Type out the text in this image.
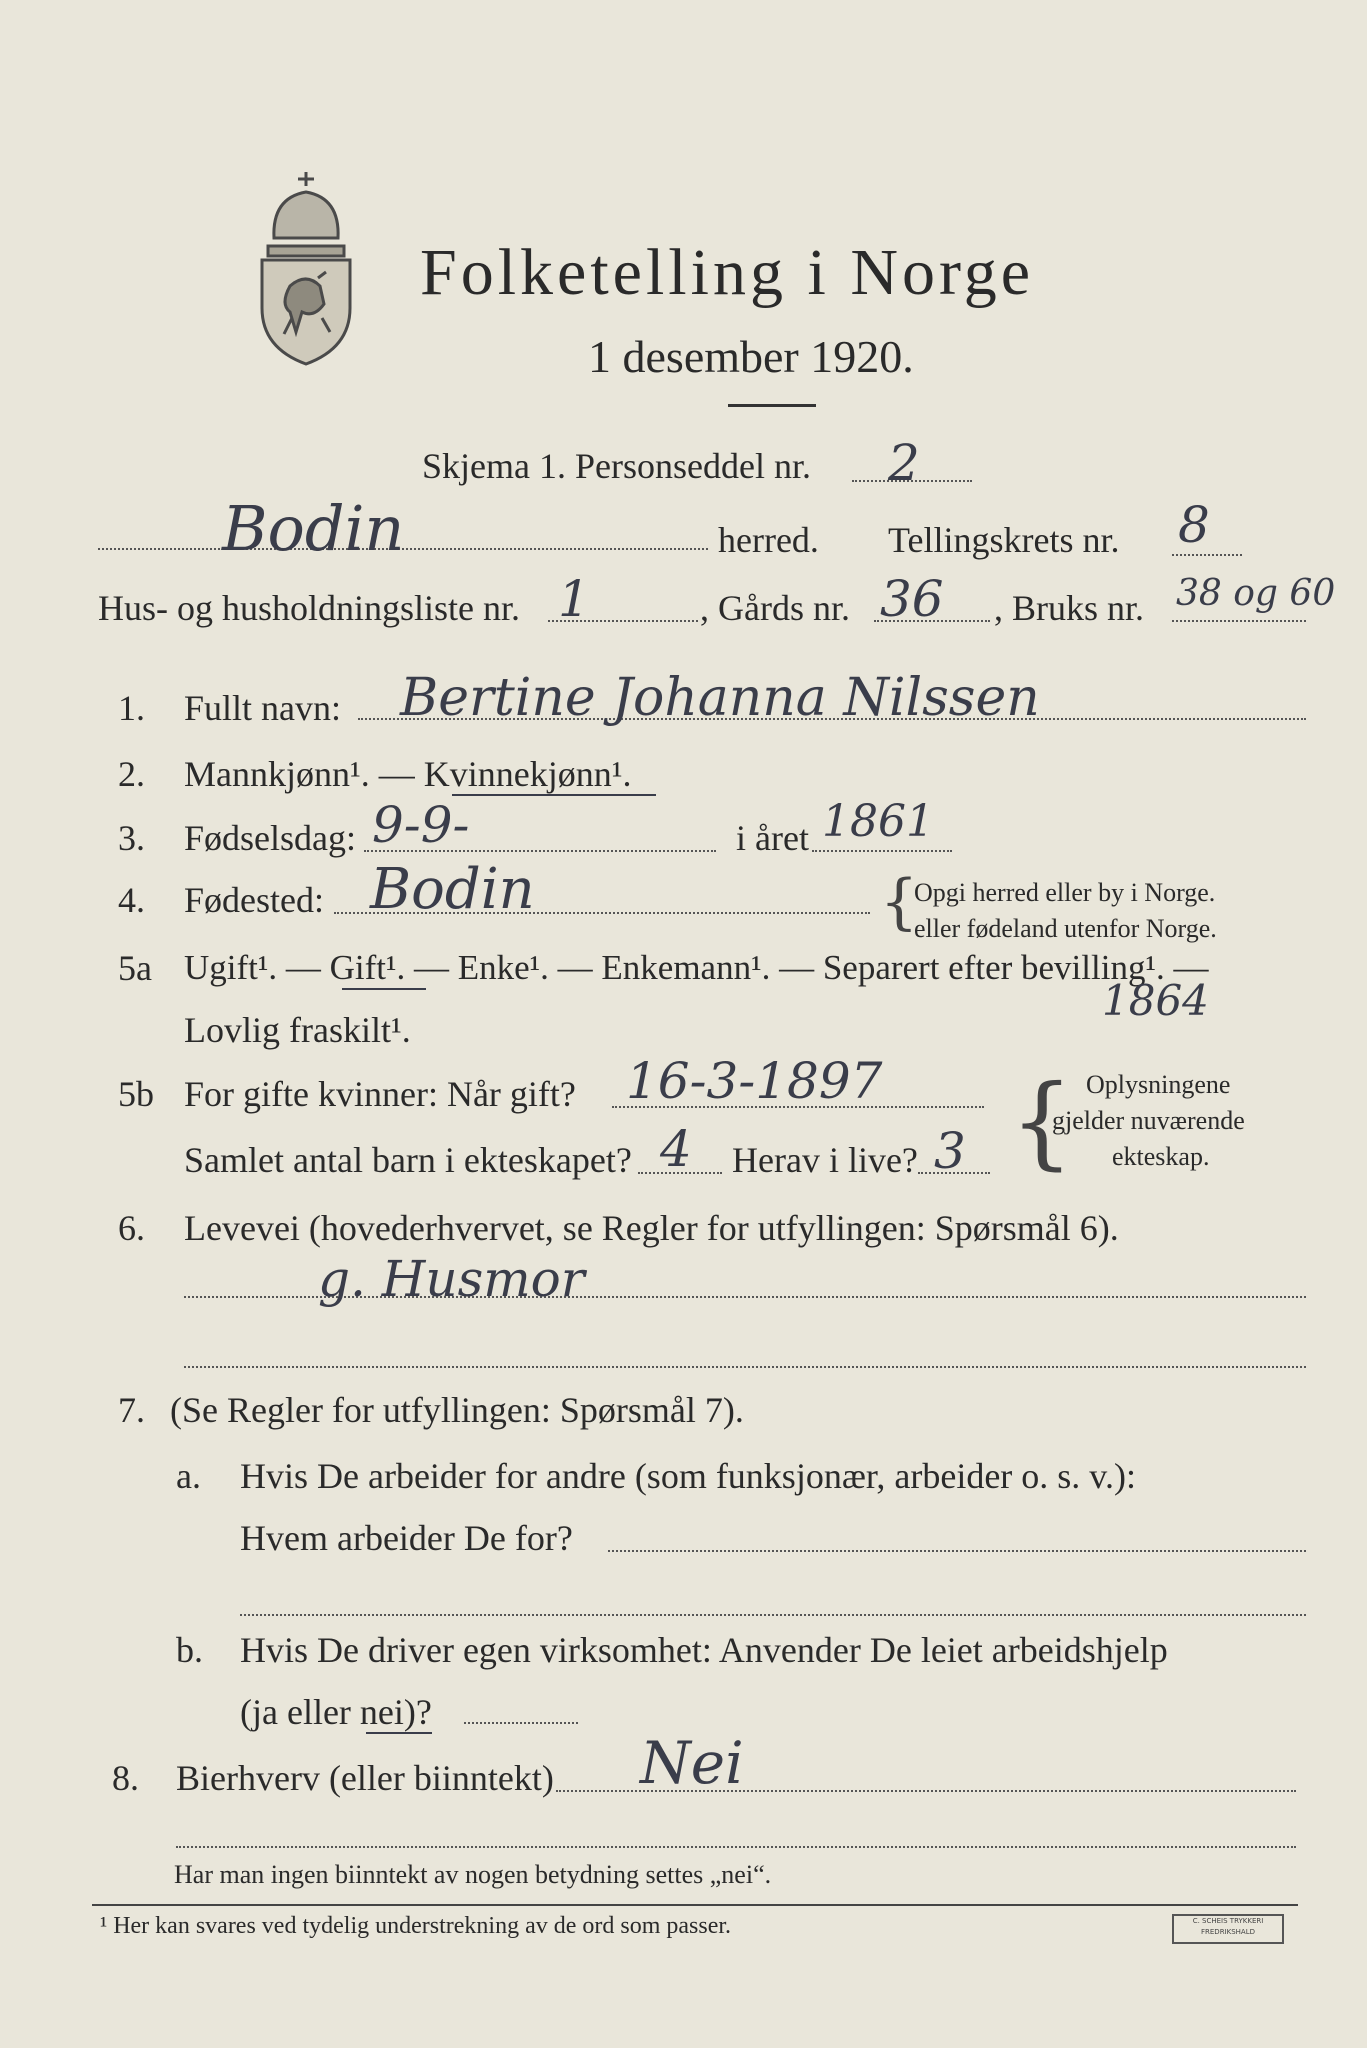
Folketelling i Norge
1 desember 1920.
Skjema 1. Personseddel nr. 2
Bodin	herred. Tellingskrets nr. 8
Hus- og husholdningsliste nr. 1	, Gårds nr. 36 , Bruks nr. 38 og 60
1. Fullt navn: Bertine Johanna Nilssen
2. Mannkjønn¹. — Kvinnekjønn¹.
3. Fødselsdag: 9-9-	i året 1861
4. Fødested: Bodin	{
Opgi herred eller by i Norge.
eller fødeland utenfor Norge.
5a Ugift¹. — Gift¹. — Enke¹. — Enkemann¹. — Separert efter bevilling¹. —
Lovlig fraskilt¹.
1864
5b For gifte kvinner: Når gift? 16-3-1897
Samlet antal barn i ekteskapet? 4 Herav i live? 3 { Oplysningene
gjelder nuværende
ekteskap.
6. Levevei (hovederhvervet, se Regler for utfyllingen: Spørsmål 6).
g. Husmor
7. (Se Regler for utfyllingen: Spørsmål 7).
a. Hvis De arbeider for andre (som funksjonær, arbeider o. s. v.):
Hvem arbeider De for?
b. Hvis De driver egen virksomhet: Anvender De leiet arbeidshjelp
(ja eller nei)?
8. Bierhverv (eller biinntekt) Nei
Har man ingen biinntekt av nogen betydning settes „nei“.
¹ Her kan svares ved tydelig understrekning av de ord som passer.	C. SCHEIS TRYKKERI FREDRIKSHALD
